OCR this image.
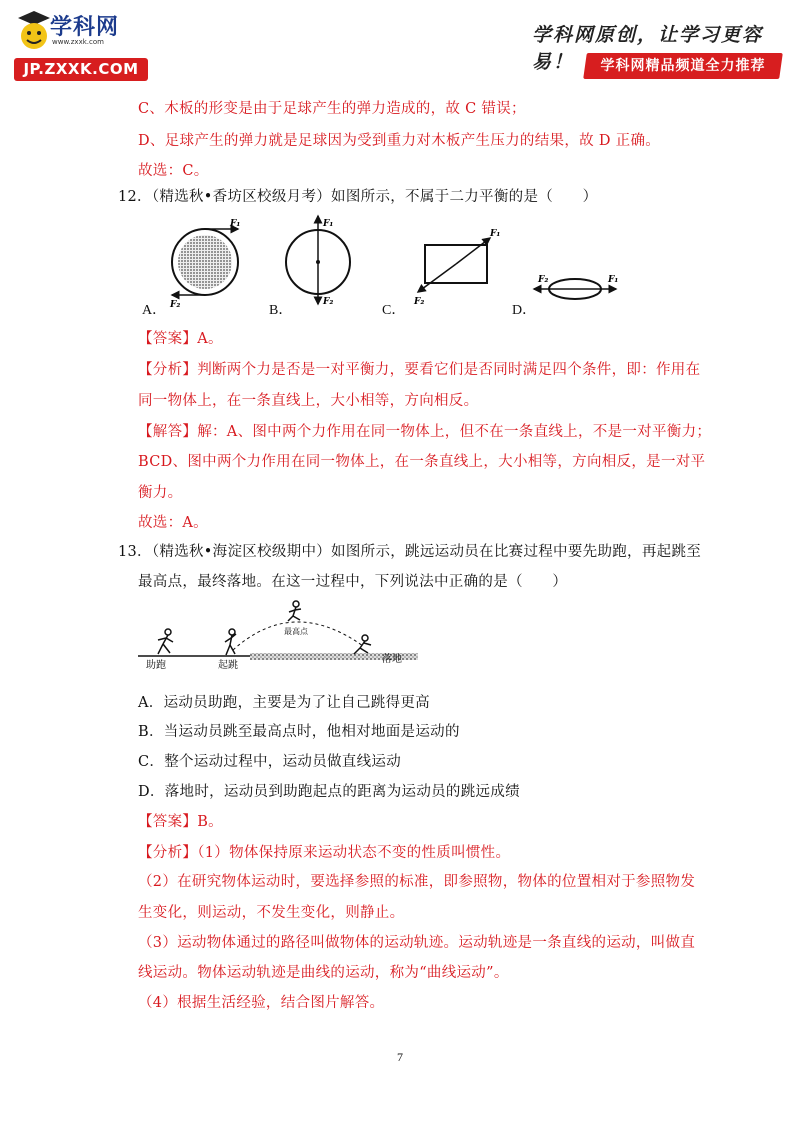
学科网
www.zxxk.com
JP.ZXXK.COM
学科网原创，让学习更容易！	学科网精品频道全力推荐
C、木板的形变是由于足球产生的弹力造成的，故 C 错误；
D、足球产生的弹力就是足球因为受到重力对木板产生压力的结果，故 D 正确。
故选：C。
12．（精选秋•香坊区校级月考）如图所示，不属于二力平衡的是（　　）
F₁
F₂
F₁
F₂
F₁
F₂
F₁
F₂
A．	B．	C．	D．
【答案】A。
【分析】判断两个力是否是一对平衡力，要看它们是否同时满足四个条件，即：作用在
同一物体上，在一条直线上，大小相等，方向相反。
【解答】解：A、图中两个力作用在同一物体上，但不在一条直线上，不是一对平衡力；
BCD、图中两个力作用在同一物体上，在一条直线上，大小相等，方向相反，是一对平
衡力。
故选：A。
13．（精选秋•海淀区校级期中）如图所示，跳远运动员在比赛过程中要先助跑，再起跳至
最高点，最终落地。在这一过程中，下列说法中正确的是（　　）
助跑	起跳
最高点
落地
A．运动员助跑，主要是为了让自己跳得更高
B．当运动员跳至最高点时，他相对地面是运动的
C．整个运动过程中，运动员做直线运动
D．落地时，运动员到助跑起点的距离为运动员的跳远成绩
【答案】B。
【分析】（1）物体保持原来运动状态不变的性质叫惯性。
（2）在研究物体运动时，要选择参照的标准，即参照物，物体的位置相对于参照物发
生变化，则运动，不发生变化，则静止。
（3）运动物体通过的路径叫做物体的运动轨迹。运动轨迹是一条直线的运动，叫做直
线运动。物体运动轨迹是曲线的运动，称为“曲线运动”。
（4）根据生活经验，结合图片解答。
7
